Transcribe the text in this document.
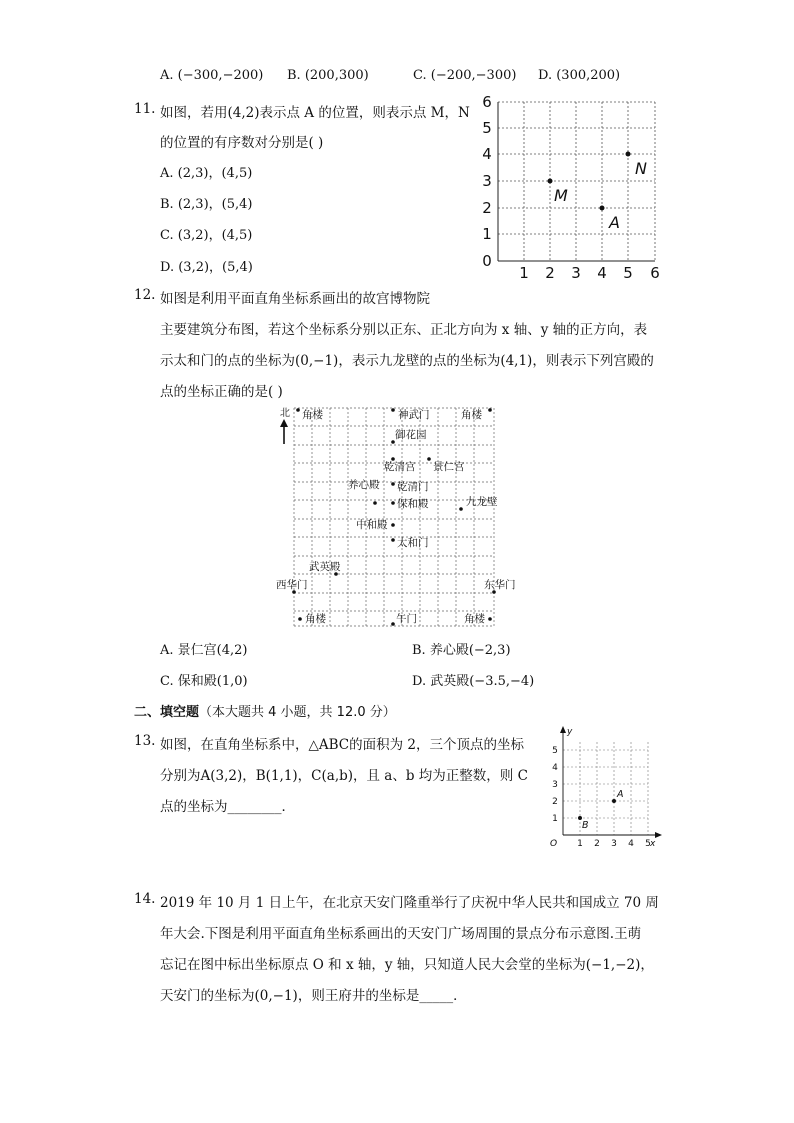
A. (−300,−200) B. (200,300)	C. (−200,−300) D. (300,200)
11. 如图，若用(4,2)表示点 A 的位置，则表示点 M，N
的位置的有序数对分别是( )
A. (2,3)，(4,5)
B. (2,3)，(5,4)
C. (3,2)，(4,5)
D. (3,2)，(5,4)	0
1
2
3
4
5
6
1 2 3 4 5 6
M
A
N
12. 如图是利用平面直角坐标系画出的故宫博物院
主要建筑分布图，若这个坐标系分别以正东、正北方向为 x 轴、y 轴的正方向，表
示太和门的点的坐标为(0,−1)，表示九龙壁的点的坐标为(4,1)，则表示下列宫殿的
点的坐标正确的是( )
北 角楼	神武门	角楼
御花园
乾清宫 景仁宫
养心殿 乾清门
保和殿	九龙壁
中和殿
太和门
武英殿
西华门	东华门
角楼	午门	角楼
A. 景仁宫(4,2)	B. 养心殿(−2,3)
C. 保和殿(1,0)	D. 武英殿(−3.5,−4)
二、填空题（本大题共 4 小题，共 12.0 分）
13. 如图，在直角坐标系中，△ABC的面积为 2，三个顶点的坐标
分别为A(3,2)，B(1,1)，C(a,b)，且 a、b 均为正整数，则 C
点的坐标为________．
y
x
O 1 2 3 4 5
1
2
3
4
5
A
B
14. 2019 年 10 月 1 日上午，在北京天安门隆重举行了庆祝中华人民共和国成立 70 周
年大会.下图是利用平面直角坐标系画出的天安门广场周围的景点分布示意图.王萌
忘记在图中标出坐标原点 O 和 x 轴，y 轴，只知道人民大会堂的坐标为(−1,−2)，
天安门的坐标为(0,−1)，则王府井的坐标是_____．
